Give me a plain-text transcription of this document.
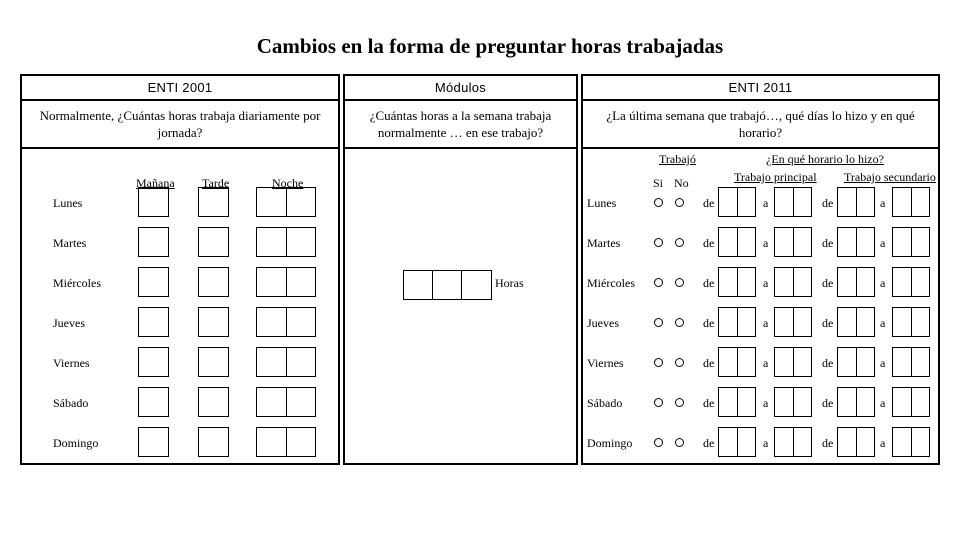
Cambios en la forma de preguntar horas trabajadas
ENTI 2001
Normalmente, ¿Cuántas horas trabaja diariamente por jornada?
Mañana Tarde	Noche
Lunes
Martes
Miércoles
Jueves
Viernes
Sábado
Domingo
Módulos
¿Cuántas horas a la semana trabaja normalmente … en ese trabajo?
Horas
ENTI 2011
¿La última semana que trabajó…, qué días lo hizo y en qué horario?
Trabajó	¿En qué horario lo hizo?
Si No	Trabajo principal Trabajo secundario
Lunes	de	a	de	a
Martes	de	a	de	a
Miércoles	de	a	de	a
Jueves	de	a	de	a
Viernes	de	a	de	a
Sábado	de	a	de	a
Domingo	de	a	de	a
